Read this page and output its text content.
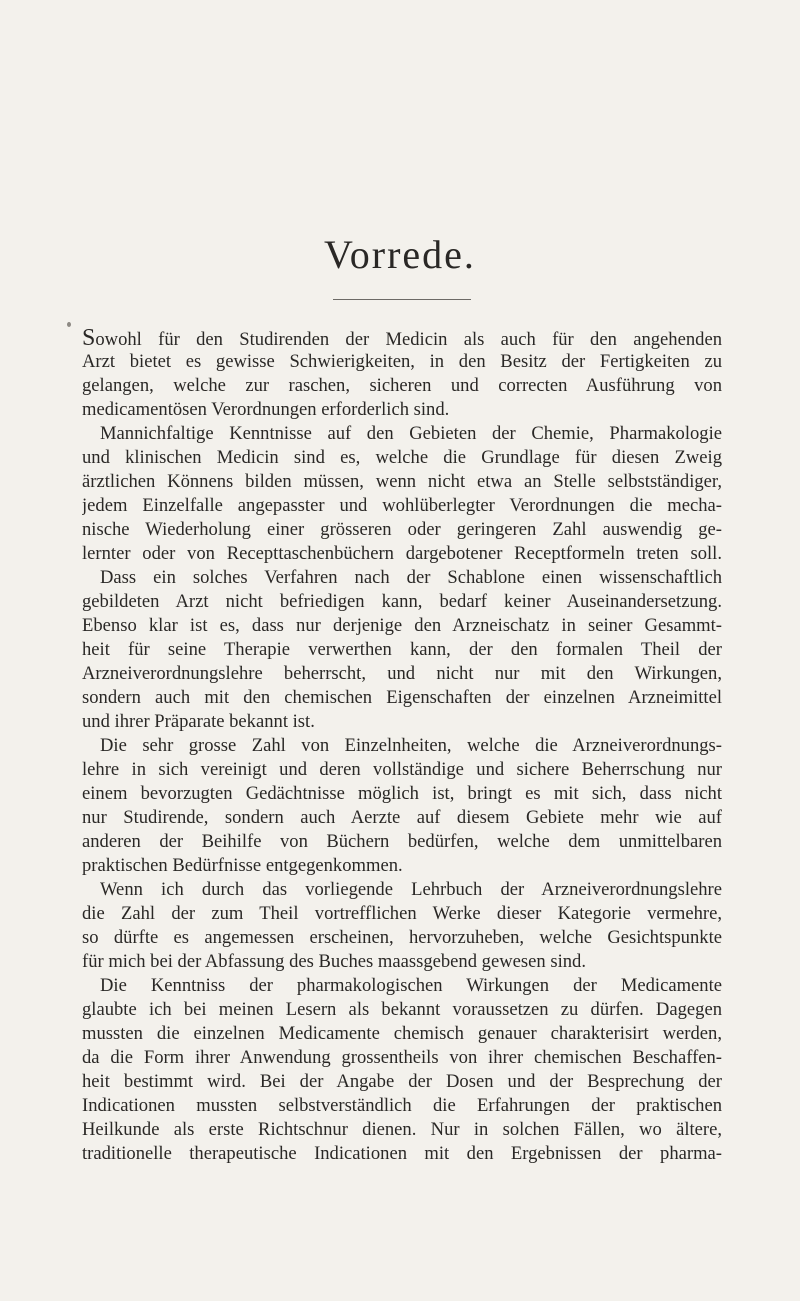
Vorrede.
Sowohl für den Studirenden der Medicin als auch für den angehenden
Arzt bietet es gewisse Schwierigkeiten, in den Besitz der Fertigkeiten zu
gelangen, welche zur raschen, sicheren und correcten Ausführung von
medicamentösen Verordnungen erforderlich sind.
Mannichfaltige Kenntnisse auf den Gebieten der Chemie, Pharmakologie
und klinischen Medicin sind es, welche die Grundlage für diesen Zweig
ärztlichen Könnens bilden müssen, wenn nicht etwa an Stelle selbstständiger,
jedem Einzelfalle angepasster und wohlüberlegter Verordnungen die mecha-
nische Wiederholung einer grösseren oder geringeren Zahl auswendig ge-
lernter oder von Recepttaschenbüchern dargebotener Receptformeln treten soll.
Dass ein solches Verfahren nach der Schablone einen wissenschaftlich
gebildeten Arzt nicht befriedigen kann, bedarf keiner Auseinandersetzung.
Ebenso klar ist es, dass nur derjenige den Arzneischatz in seiner Gesammt-
heit für seine Therapie verwerthen kann, der den formalen Theil der
Arzneiverordnungslehre beherrscht, und nicht nur mit den Wirkungen,
sondern auch mit den chemischen Eigenschaften der einzelnen Arzneimittel
und ihrer Präparate bekannt ist.
Die sehr grosse Zahl von Einzelnheiten, welche die Arzneiverordnungs-
lehre in sich vereinigt und deren vollständige und sichere Beherrschung nur
einem bevorzugten Gedächtnisse möglich ist, bringt es mit sich, dass nicht
nur Studirende, sondern auch Aerzte auf diesem Gebiete mehr wie auf
anderen der Beihilfe von Büchern bedürfen, welche dem unmittelbaren
praktischen Bedürfnisse entgegenkommen.
Wenn ich durch das vorliegende Lehrbuch der Arzneiverordnungslehre
die Zahl der zum Theil vortrefflichen Werke dieser Kategorie vermehre,
so dürfte es angemessen erscheinen, hervorzuheben, welche Gesichtspunkte
für mich bei der Abfassung des Buches maassgebend gewesen sind.
Die Kenntniss der pharmakologischen Wirkungen der Medicamente
glaubte ich bei meinen Lesern als bekannt voraussetzen zu dürfen. Dagegen
mussten die einzelnen Medicamente chemisch genauer charakterisirt werden,
da die Form ihrer Anwendung grossentheils von ihrer chemischen Beschaffen-
heit bestimmt wird. Bei der Angabe der Dosen und der Besprechung der
Indicationen mussten selbstverständlich die Erfahrungen der praktischen
Heilkunde als erste Richtschnur dienen. Nur in solchen Fällen, wo ältere,
traditionelle therapeutische Indicationen mit den Ergebnissen der pharma-
